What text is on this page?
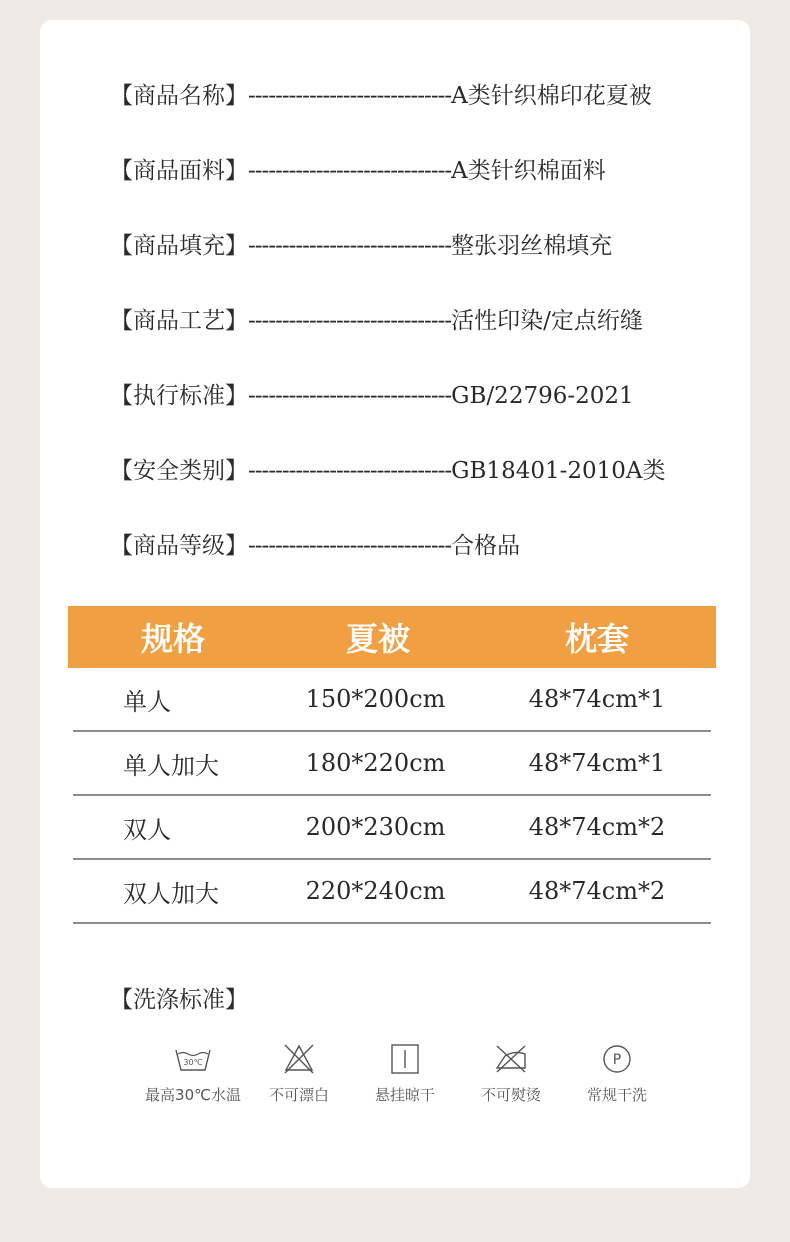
【商品名称】 ------------------------------ A类针织棉印花夏被
【商品面料】 ------------------------------ A类针织棉面料
【商品填充】 ------------------------------ 整张羽丝棉填充
【商品工艺】 ------------------------------ 活性印染/定点绗缝
【执行标准】 ------------------------------ GB/22796-2021
【安全类别】 ------------------------------ GB18401-2010A类
【商品等级】 ------------------------------ 合格品
规格	夏被	枕套
单人	150*200cm	48*74cm*1
单人加大	180*220cm	48*74cm*1
双人	200*230cm	48*74cm*2
双人加大	220*240cm	48*74cm*2
【洗涤标准】
30℃
最高30℃水温 不可漂白	悬挂晾干	不可熨烫
P
常规干洗
